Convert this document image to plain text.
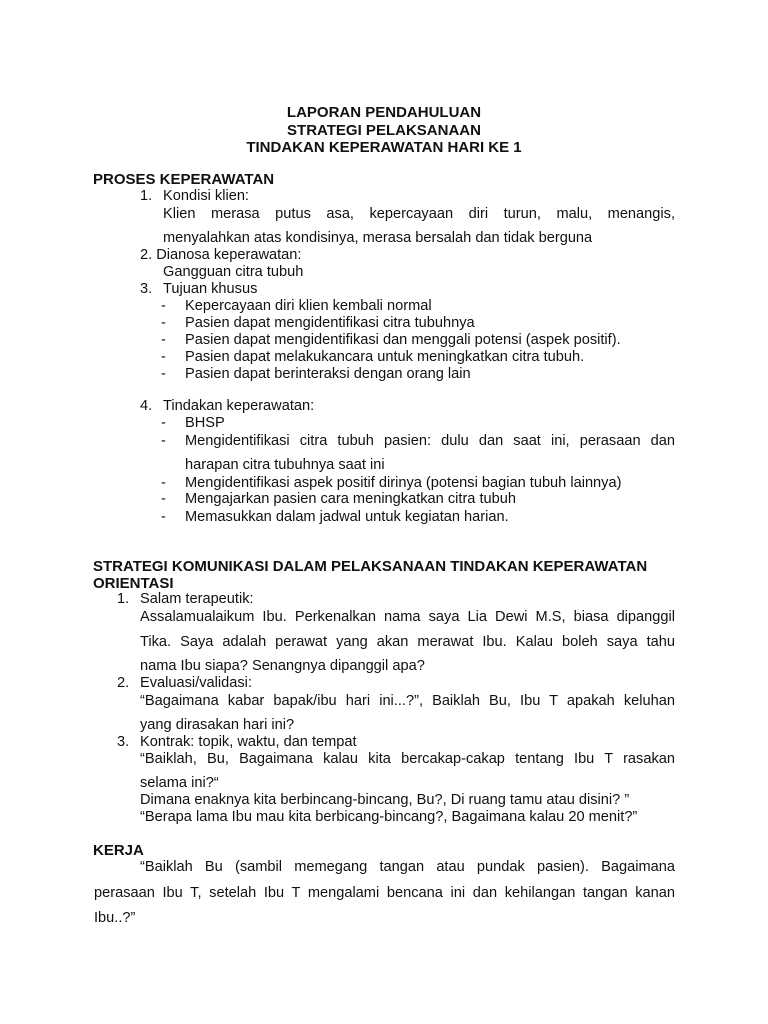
LAPORAN PENDAHULUAN
STRATEGI PELAKSANAAN
TINDAKAN KEPERAWATAN HARI KE 1
PROSES KEPERAWATAN
1. Kondisi klien:
Klien merasa putus asa, kepercayaan diri turun, malu, menangis,
menyalahkan atas kondisinya, merasa bersalah dan tidak berguna
2. Dianosa keperawatan:
Gangguan citra tubuh
3. Tujuan khusus
- Kepercayaan diri klien kembali normal
- Pasien dapat mengidentifikasi citra tubuhnya
- Pasien dapat mengidentifikasi dan menggali potensi (aspek positif).
- Pasien dapat melakukancara untuk meningkatkan citra tubuh.
- Pasien dapat berinteraksi dengan orang lain
4. Tindakan keperawatan:
- BHSP
- Mengidentifikasi citra tubuh pasien: dulu dan saat ini, perasaan dan
harapan citra tubuhnya saat ini
- Mengidentifikasi aspek positif dirinya (potensi bagian tubuh lainnya)
- Mengajarkan pasien cara meningkatkan citra tubuh
- Memasukkan dalam jadwal untuk kegiatan harian.
STRATEGI KOMUNIKASI DALAM PELAKSANAAN TINDAKAN KEPERAWATAN
ORIENTASI
1. Salam terapeutik:
Assalamualaikum Ibu. Perkenalkan nama saya Lia Dewi M.S, biasa dipanggil
Tika. Saya adalah perawat yang akan merawat Ibu. Kalau boleh saya tahu
nama Ibu siapa? Senangnya dipanggil apa?
2. Evaluasi/validasi:
“Bagaimana kabar bapak/ibu hari ini...?”, Baiklah Bu, Ibu T apakah keluhan
yang dirasakan hari ini?
3. Kontrak: topik, waktu, dan tempat
“Baiklah, Bu, Bagaimana kalau kita bercakap-cakap tentang Ibu T rasakan
selama ini?“
Dimana enaknya kita berbincang-bincang, Bu?, Di ruang tamu atau disini? ”
“Berapa lama Ibu mau kita berbicang-bincang?, Bagaimana kalau 20 menit?”
KERJA
“Baiklah Bu (sambil memegang tangan atau pundak pasien). Bagaimana
perasaan Ibu T, setelah Ibu T mengalami bencana ini dan kehilangan tangan kanan
Ibu..?”
